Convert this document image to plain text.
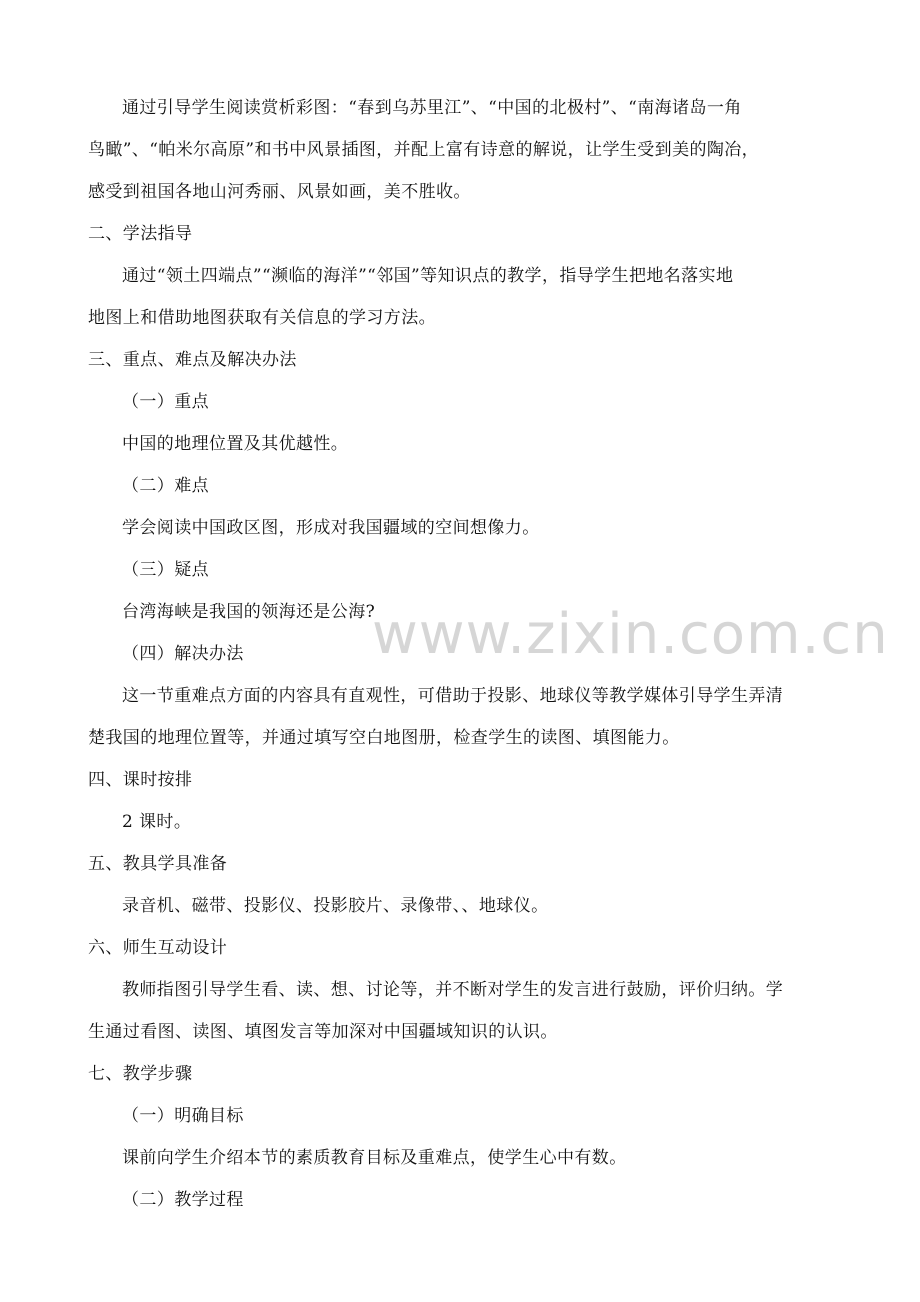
通过引导学生阅读赏析彩图：“春到乌苏里江”、“中国的北极村”、“南海诸岛一角
鸟瞰”、“帕米尔高原”和书中风景插图，并配上富有诗意的解说，让学生受到美的陶冶，
感受到祖国各地山河秀丽、风景如画，美不胜收。
二、学法指导
通过“领土四端点”“濒临的海洋”“邻国”等知识点的教学，指导学生把地名落实地
地图上和借助地图获取有关信息的学习方法。
三、重点、难点及解决办法
（一）重点
中国的地理位置及其优越性。
（二）难点
学会阅读中国政区图，形成对我国疆域的空间想像力。
（三）疑点
台湾海峡是我国的领海还是公海?
（四）解决办法
这一节重难点方面的内容具有直观性，可借助于投影、地球仪等教学媒体引导学生弄清
楚我国的地理位置等，并通过填写空白地图册，检查学生的读图、填图能力。
四、课时按排
2 课时。
五、教具学具准备
录音机、磁带、投影仪、投影胶片、录像带、、地球仪。
六、师生互动设计
教师指图引导学生看、读、想、讨论等，并不断对学生的发言进行鼓励，评价归纳。学
生通过看图、读图、填图发言等加深对中国疆域知识的认识。
七、教学步骤
（一）明确目标
课前向学生介绍本节的素质教育目标及重难点，使学生心中有数。
（二）教学过程
www.zixin.com.cn
